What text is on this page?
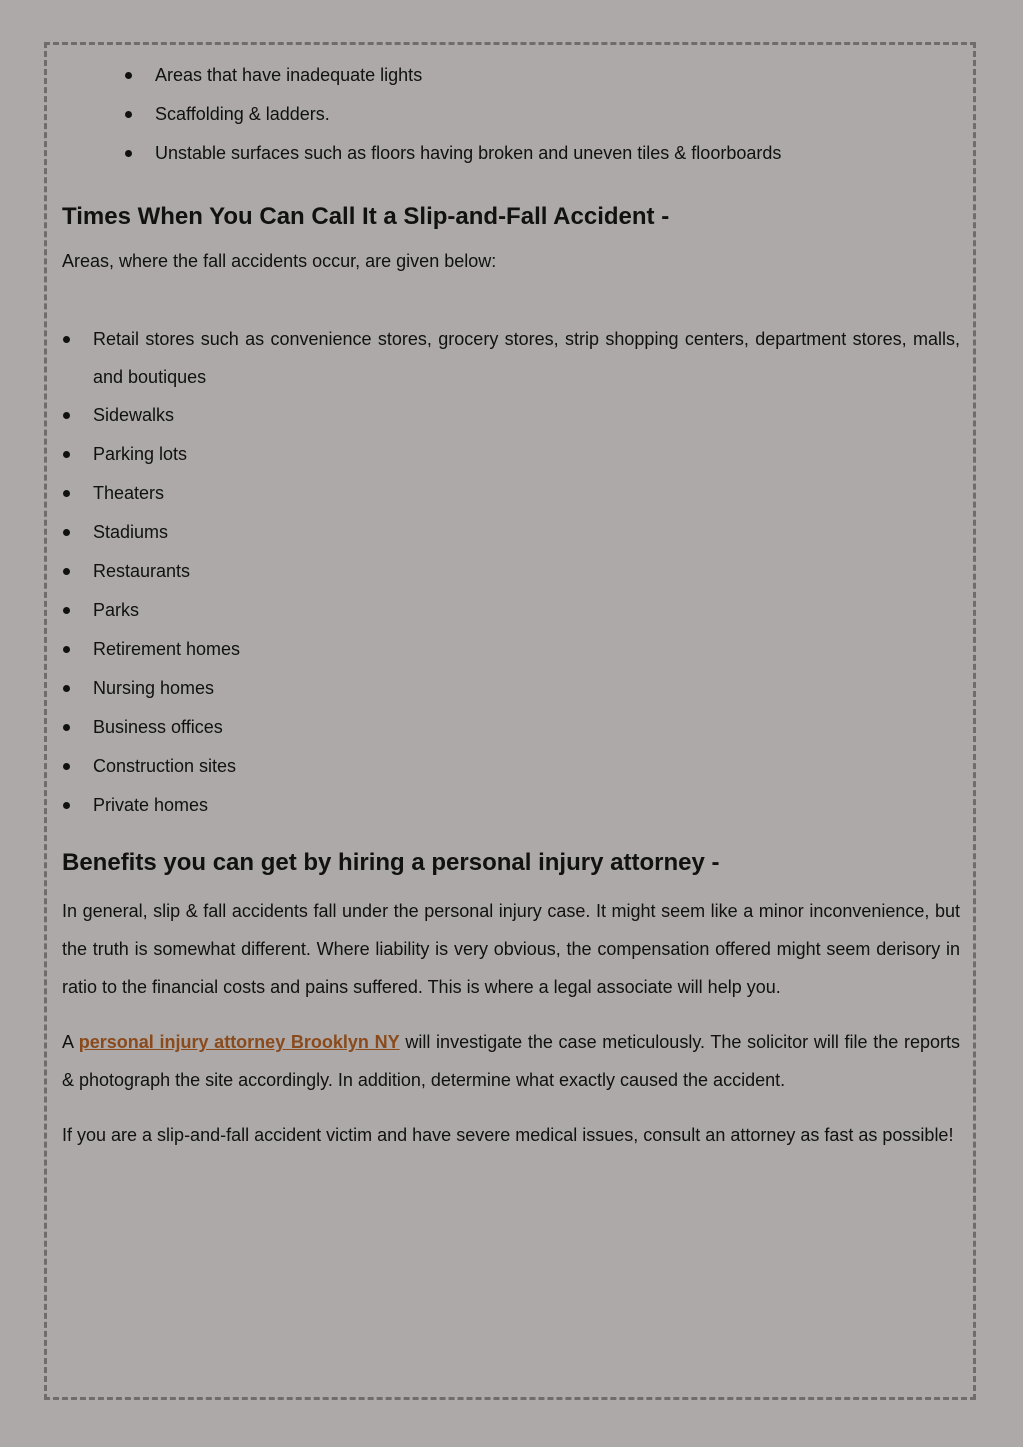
Areas that have inadequate lights
Scaffolding & ladders.
Unstable surfaces such as floors having broken and uneven tiles & floorboards
Times When You Can Call It a Slip-and-Fall Accident -

Areas, where the fall accidents occur, are given below:

Retail stores such as convenience stores, grocery stores, strip shopping centers, department stores, malls, and boutiques
Sidewalks
Parking lots
Theaters
Stadiums
Restaurants
Parks
Retirement homes
Nursing homes
Business offices
Construction sites
Private homes
Benefits you can get by hiring a personal injury attorney -

In general, slip & fall accidents fall under the personal injury case. It might seem like a minor inconvenience, but the truth is somewhat different. Where liability is very obvious, the compensation offered might seem derisory in ratio to the financial costs and pains suffered. This is where a legal associate will help you.

A personal injury attorney Brooklyn NY will investigate the case meticulously. The solicitor will file the reports & photograph the site accordingly. In addition, determine what exactly caused the accident.

If you are a slip-and-fall accident victim and have severe medical issues, consult an attorney as fast as possible!
